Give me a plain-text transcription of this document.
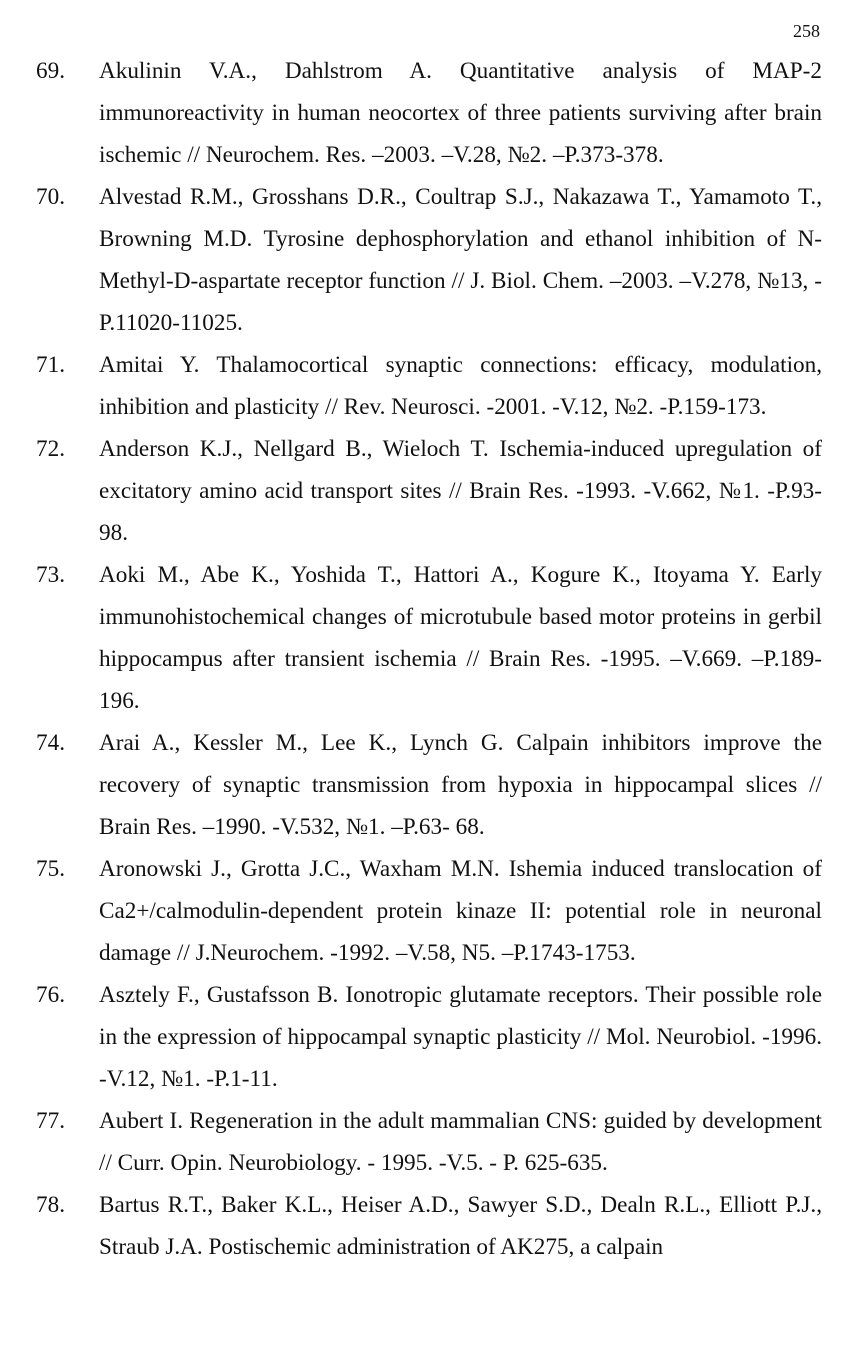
258
69.	Akulinin V.A., Dahlstrom A. Quantitative analysis of MAP-2 immunoreactivity in human neocortex of three patients surviving after brain ischemic // Neurochem. Res. –2003. –V.28, №2. –P.373-378.
70.	Alvestad R.M., Grosshans D.R., Coultrap S.J., Nakazawa T., Yamamoto T., Browning M.D. Tyrosine dephosphorylation and ethanol inhibition of N-Methyl-D-aspartate receptor function // J. Biol. Chem. –2003. –V.278, №13, -P.11020-11025.
71.	Amitai Y. Thalamocortical synaptic connections: efficacy, modulation, inhibition and plasticity // Rev. Neurosci. -2001. -V.12, №2. -P.159-173.
72.	Anderson K.J., Nellgard B., Wieloch T. Ischemia-induced upregulation of excitatory amino acid transport sites // Brain Res. -1993. -V.662, №1. -P.93-98.
73.	Aoki M., Abe K., Yoshida T., Hattori A., Kogure K., Itoyama Y. Early immunohistochemical changes of microtubule based motor proteins in gerbil hippocampus after transient ischemia // Brain Res. -1995. –V.669. –P.189-196.
74.	Arai A., Kessler M., Lee K., Lynch G. Calpain inhibitors improve the recovery of synaptic transmission from hypoxia in hippocampal slices // Brain Res. –1990. -V.532, №1. –P.63- 68.
75.	Aronowski J., Grotta J.C., Waxham M.N. Ishemia induced translocation of Ca2+/calmodulin-dependent protein kinaze II: potential role in neuronal damage // J.Neurochem. -1992. –V.58, N5. –P.1743-1753.
76.	Asztely F., Gustafsson B. Ionotropic glutamate receptors. Their possible role in the expression of hippocampal synaptic plasticity // Mol. Neurobiol. -1996. -V.12, №1. -P.1-11.
77.	Aubert I. Regeneration in the adult mammalian CNS: guided by development // Curr. Opin. Neurobiology. - 1995. -V.5. - P. 625-635.
78.	Bartus R.T., Baker K.L., Heiser A.D., Sawyer S.D., Dealn R.L., Elliott P.J., Straub J.A. Postischemic administration of AK275, a calpain
